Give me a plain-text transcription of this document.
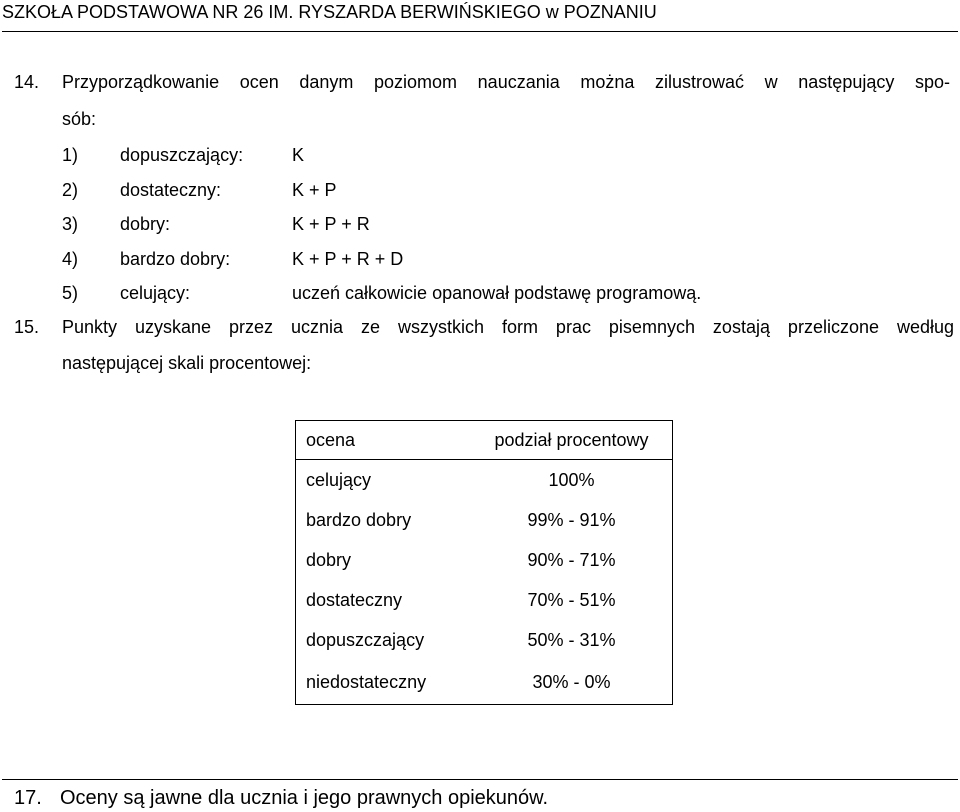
SZKOŁA PODSTAWOWA NR 26 IM. RYSZARDA BERWIŃSKIEGO w POZNANIU
14. Przyporządkowanie ocen danym poziomom nauczania można zilustrować w następujący spo-
sób:
1) dopuszczający:	K
2) dostateczny:	K + P
3) dobry:	K + P + R
4) bardzo dobry:	K + P + R + D
5) celujący:	uczeń całkowicie opanował podstawę programową.
15. Punkty uzyskane przez ucznia ze wszystkich form prac pisemnych zostają przeliczone według
następującej skali procentowej:
ocena	podział procentowy
celujący	100%
bardzo dobry	99% - 91%
dobry	90% - 71%
dostateczny	70% - 51%
dopuszczający	50% - 31%
niedostateczny	30% - 0%
17. Oceny są jawne dla ucznia i jego prawnych opiekunów.
